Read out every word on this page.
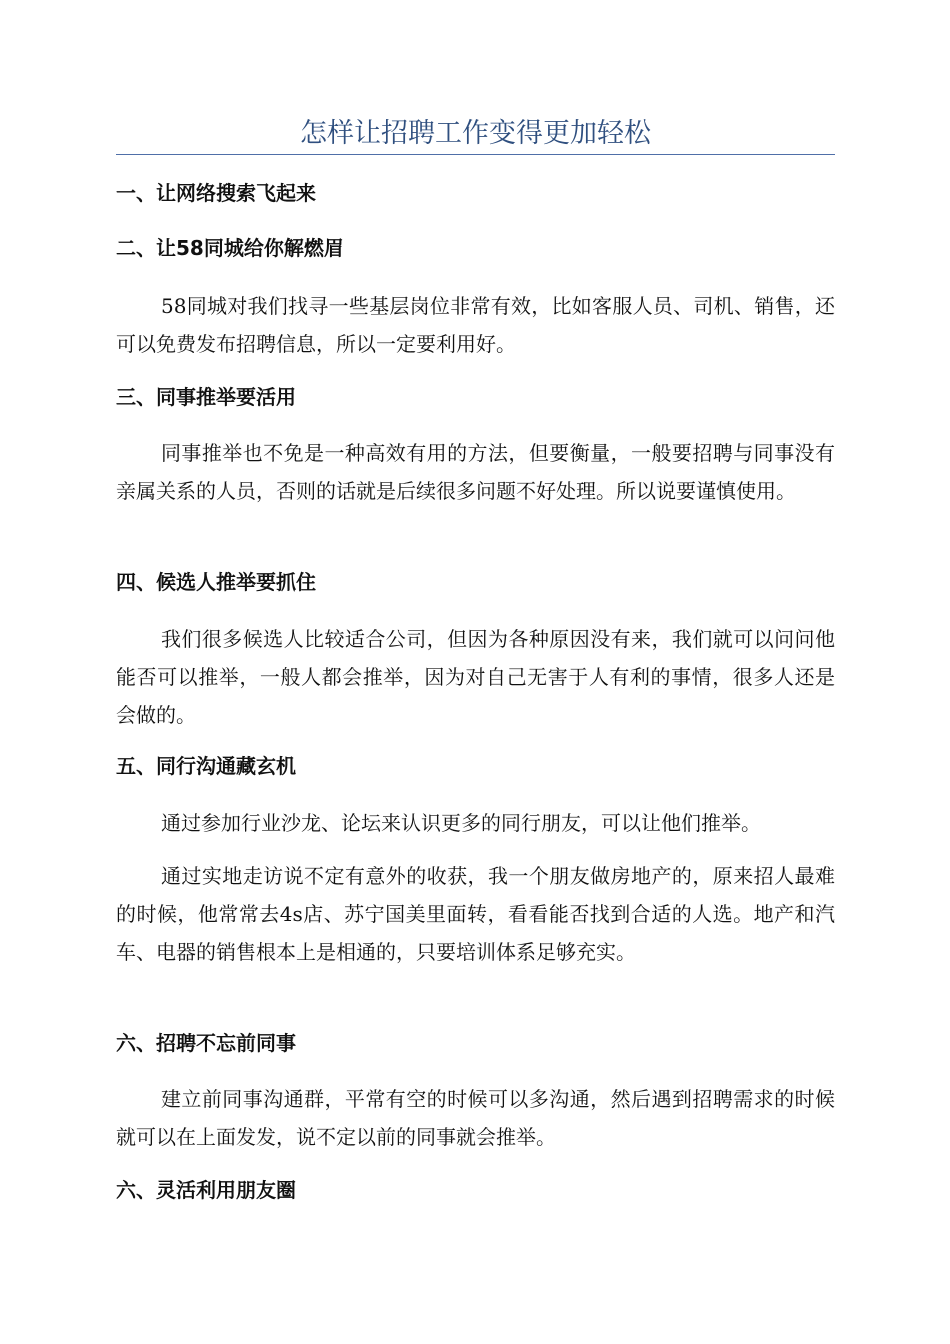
怎样让招聘工作变得更加轻松
一、让网络搜索飞起来
二、让58同城给你解燃眉

58同城对我们找寻一些基层岗位非常有效，比如客服人员、司机、销售，还可以免费发布招聘信息，所以一定要利用好。

三、同事推举要活用

同事推举也不免是一种高效有用的方法，但要衡量，一般要招聘与同事没有亲属关系的人员，否则的话就是后续很多问题不好处理。所以说要谨慎使用。

四、候选人推举要抓住

我们很多候选人比较适合公司，但因为各种原因没有来，我们就可以问问他能否可以推举，一般人都会推举，因为对自己无害于人有利的事情，很多人还是会做的。

五、同行沟通藏玄机

通过参加行业沙龙、论坛来认识更多的同行朋友，可以让他们推举。

通过实地走访说不定有意外的收获，我一个朋友做房地产的，原来招人最难的时候，他常常去4s店、苏宁国美里面转，看看能否找到合适的人选。地产和汽车、电器的销售根本上是相通的，只要培训体系足够充实。

六、招聘不忘前同事

建立前同事沟通群，平常有空的时候可以多沟通，然后遇到招聘需求的时候就可以在上面发发，说不定以前的同事就会推举。

六、灵活利用朋友圈
